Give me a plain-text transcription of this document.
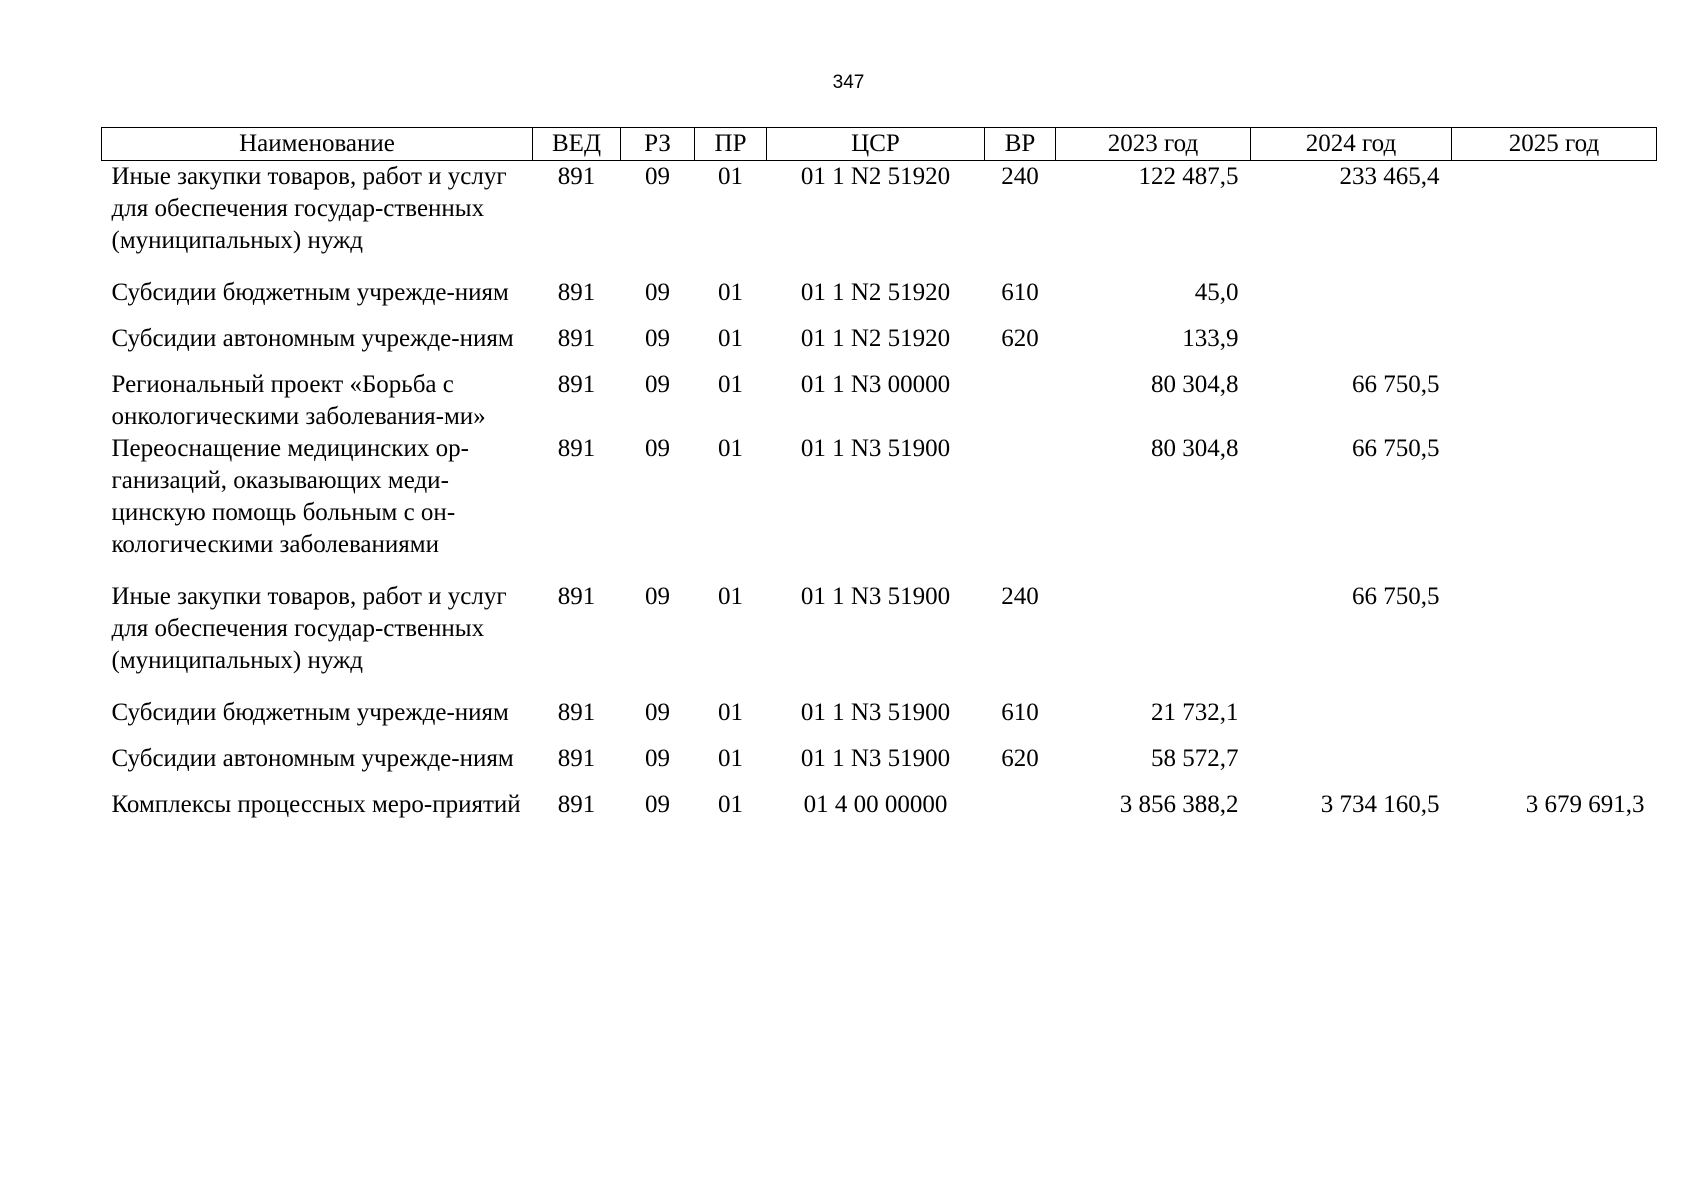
347
Наименование	ВЕД	РЗ	ПР	ЦСР	ВР	2023 год	2024 год	2025 год
Иные закупки товаров, работ и услуг для обеспечения государ-ственных (муниципальных) нужд	891	09	01	01 1 N2 51920	240	122 487,5	233 465,4	
Субсидии бюджетным учрежде-ниям	891	09	01	01 1 N2 51920	610	45,0		
Субсидии автономным учрежде-ниям	891	09	01	01 1 N2 51920	620	133,9		
Региональный проект «Борьба с онкологическими заболевания-ми»	891	09	01	01 1 N3 00000		80 304,8	66 750,5	
Переоснащение медицинских ор-ганизаций, оказывающих меди-цинскую помощь больным с он-кологическими заболеваниями	891	09	01	01 1 N3 51900		80 304,8	66 750,5	
Иные закупки товаров, работ и услуг для обеспечения государ-ственных (муниципальных) нужд	891	09	01	01 1 N3 51900	240		66 750,5	
Субсидии бюджетным учрежде-ниям	891	09	01	01 1 N3 51900	610	21 732,1		
Субсидии автономным учрежде-ниям	891	09	01	01 1 N3 51900	620	58 572,7		
Комплексы процессных меро-приятий	891	09	01	01 4 00 00000		3 856 388,2	3 734 160,5	3 679 691,3
